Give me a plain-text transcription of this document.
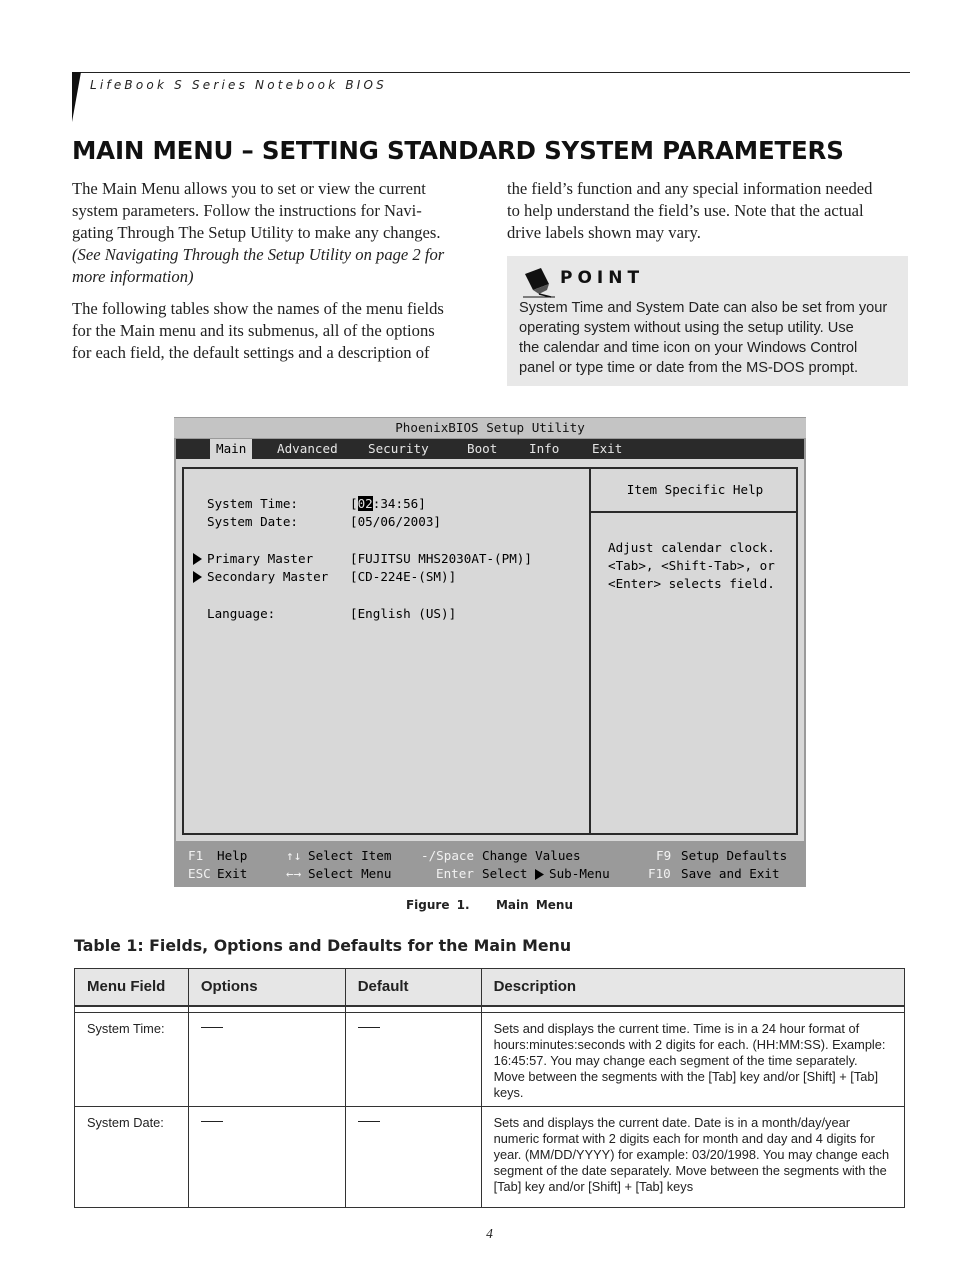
LifeBook S Series Notebook BIOS
MAIN MENU – SETTING STANDARD SYSTEM PARAMETERS

The Main Menu allows you to set or view the current
system parameters. Follow the instructions for Navi-
gating Through The Setup Utility to make any changes.
(See Navigating Through the Setup Utility on page 2 for
more information)

The following tables show the names of the menu fields
for the Main menu and its submenus, all of the options
for each field, the default settings and a description of

the field’s function and any special information needed
to help understand the field’s use. Note that the actual
drive labels shown may vary.

POINT
System Time and System Date can also be set from your
operating system without using the setup utility. Use
the calendar and time icon on your Windows Control
panel or type time or date from the MS-DOS prompt.
PhoenixBIOS Setup Utility
Main	Advanced	Security	Boot	Info	Exit
System Time:	[02:34:56]
System Date:	[05/06/2003]
Primary Master	[FUJITSU MHS2030AT-(PM)]
Secondary Master [CD-224E-(SM)]
Language:	[English (US)]
Item Specific Help
Adjust calendar clock.
<Tab>, <Shift-Tab>, or
<Enter> selects field.
F1 Help
ESC Exit
↑↓ Select Item
←→ Select Menu
-/Space Change Values
Enter Select Sub-Menu
F9 Setup Defaults
F10 Save and Exit
Figure 1. Main Menu
Table 1: Fields, Options and Defaults for the Main Menu
Menu Field	Options	Default	Description

System Time:			Sets and displays the current time. Time is in a 24 hour format of hours:minutes:seconds with 2 digits for each. (HH:MM:SS). Example: 16:45:57. You may change each segment of the time separately. Move between the segments with the [Tab] key and/or [Shift] + [Tab] keys.
System Date:			Sets and displays the current date. Date is in a month/day/year numeric format with 2 digits each for month and day and 4 digits for year. (MM/DD/YYYY) for example: 03/20/1998. You may change each segment of the date separately. Move between the segments with the [Tab] key and/or [Shift] + [Tab] keys
4
